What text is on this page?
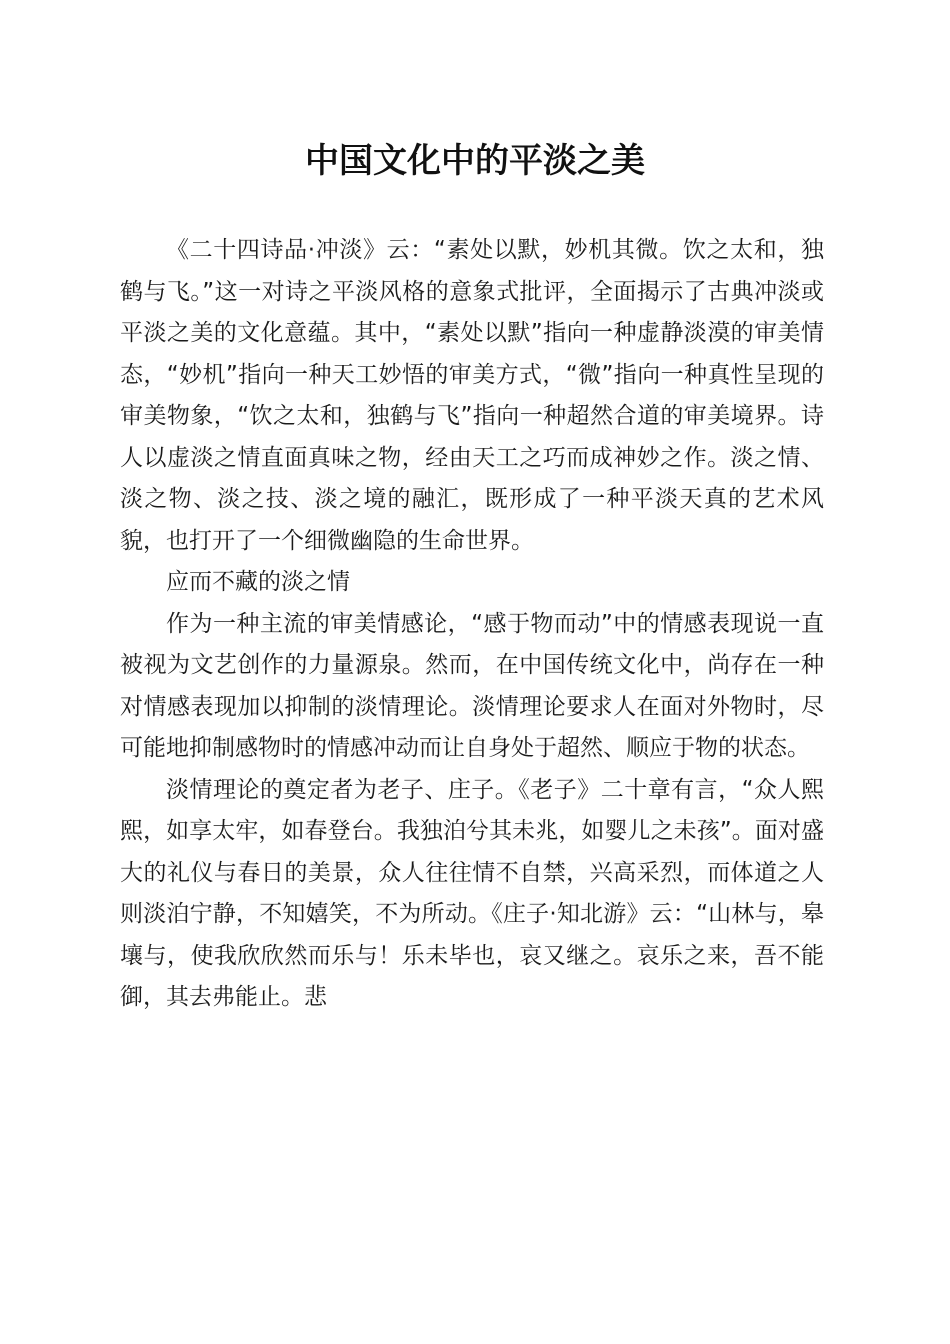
中国文化中的平淡之美

《二十四诗品·冲淡》云：“素处以默，妙机其微。饮之太和，独鹤与飞。”这一对诗之平淡风格的意象式批评，全面揭示了古典冲淡或平淡之美的文化意蕴。其中，“素处以默”指向一种虚静淡漠的审美情态，“妙机”指向一种天工妙悟的审美方式，“微”指向一种真性呈现的审美物象，“饮之太和，独鹤与飞”指向一种超然合道的审美境界。诗人以虚淡之情直面真味之物，经由天工之巧而成神妙之作。淡之情、淡之物、淡之技、淡之境的融汇，既形成了一种平淡天真的艺术风貌，也打开了一个细微幽隐的生命世界。

应而不藏的淡之情

作为一种主流的审美情感论，“感于物而动”中的情感表现说一直被视为文艺创作的力量源泉。然而，在中国传统文化中，尚存在一种对情感表现加以抑制的淡情理论。淡情理论要求人在面对外物时，尽可能地抑制感物时的情感冲动而让自身处于超然、顺应于物的状态。

淡情理论的奠定者为老子、庄子。《老子》二十章有言，“众人熙熙，如享太牢，如春登台。我独泊兮其未兆，如婴儿之未孩”。面对盛大的礼仪与春日的美景，众人往往情不自禁，兴高采烈，而体道之人则淡泊宁静，不知嬉笑，不为所动。《庄子·知北游》云：“山林与，皋壤与，使我欣欣然而乐与！乐未毕也，哀又继之。哀乐之来，吾不能御，其去弗能止。悲
